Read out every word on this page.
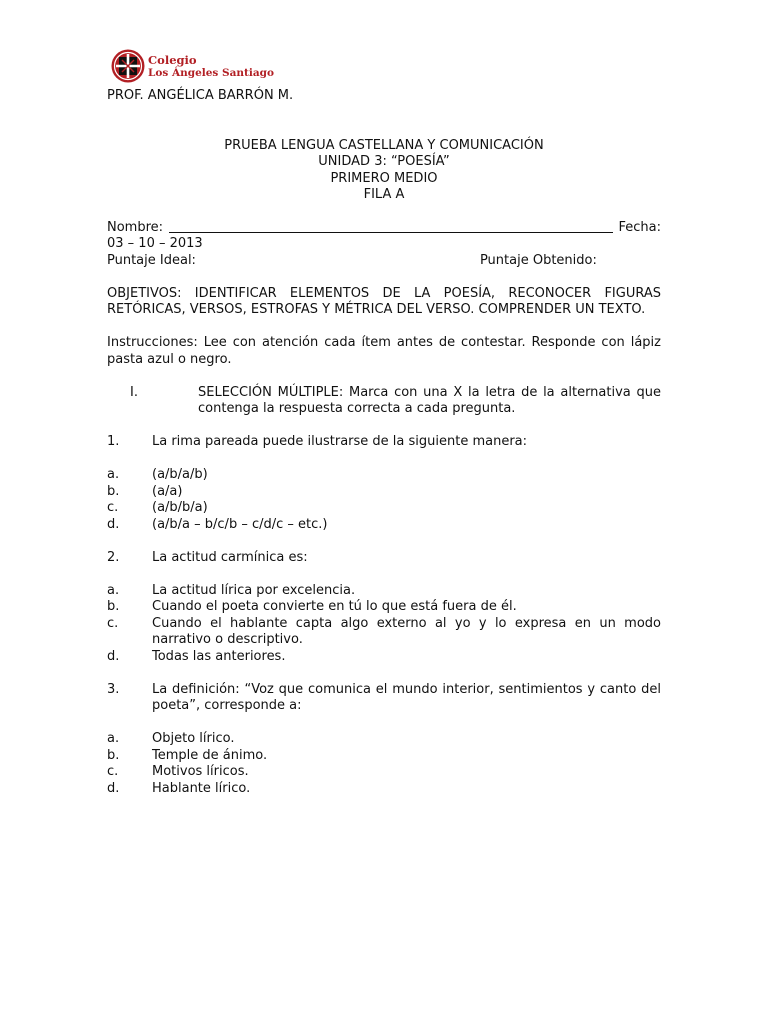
Colegio
Los Ángeles Santiago
PROF. ANGÉLICA BARRÓN M.
PRUEBA LENGUA CASTELLANA Y COMUNICACIÓN
UNIDAD 3: “POESÍA”
PRIMERO MEDIO
FILA A
Nombre:	Fecha:
03 – 10 – 2013
Puntaje Ideal:	Puntaje Obtenido:
OBJETIVOS: IDENTIFICAR ELEMENTOS DE LA POESÍA, RECONOCER FIGURAS RETÓRICAS, VERSOS, ESTROFAS Y MÉTRICA DEL VERSO. COMPRENDER UN TEXTO.
Instrucciones: Lee con atención cada ítem antes de contestar. Responde con lápiz pasta azul o negro.
I.	SELECCIÓN MÚLTIPLE: Marca con una X la letra de la alternativa que contenga la respuesta correcta a cada pregunta.
1.	La rima pareada puede ilustrarse de la siguiente manera:
a.	(a/b/a/b)
b.	(a/a)
c.	(a/b/b/a)
d.	(a/b/a – b/c/b – c/d/c – etc.)
2.	La actitud carmínica es:
a.	La actitud lírica por excelencia.
b.	Cuando el poeta convierte en tú lo que está fuera de él.
c.	Cuando el hablante capta algo externo al yo y lo expresa en un modo narrativo o descriptivo.
d.	Todas las anteriores.
3.	La definición: “Voz que comunica el mundo interior, sentimientos y canto del poeta”, corresponde a:
a.	Objeto lírico.
b.	Temple de ánimo.
c.	Motivos líricos.
d.	Hablante lírico.
